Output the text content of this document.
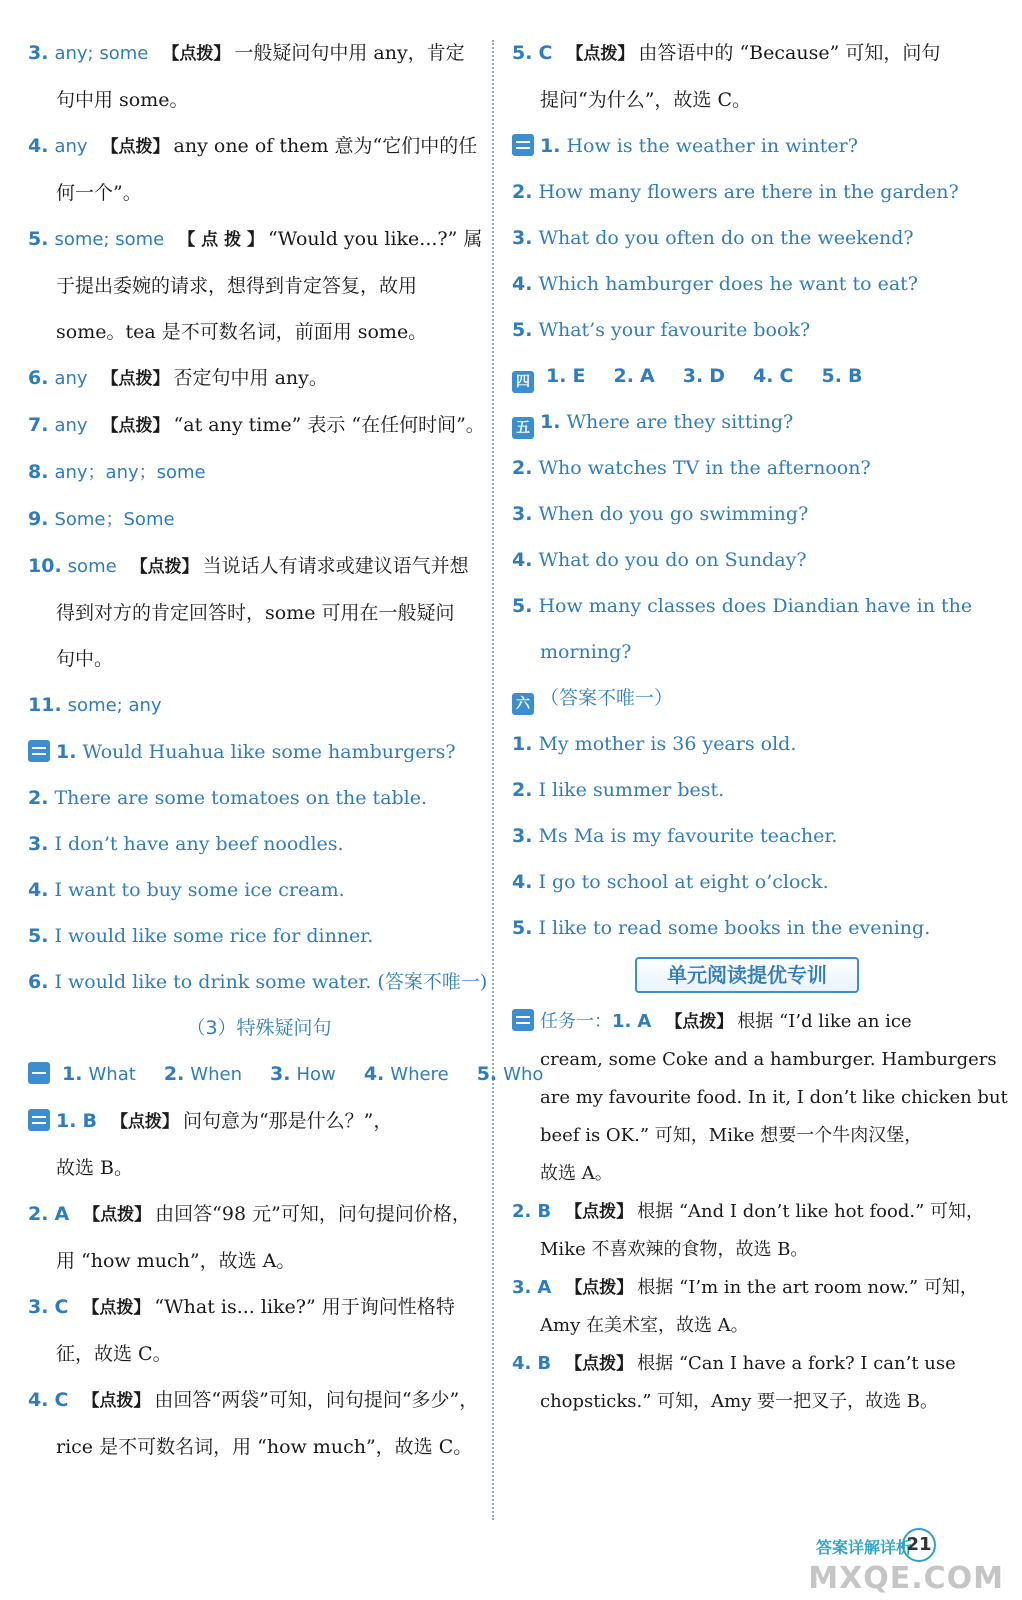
3. any; some 【点拨】 一般疑问句中用 any，肯定
句中用 some。
4. any 【点拨】 any one of them 意为“它们中的任
何一个”。
5. some; some 【 点 拨 】 “Would you like...?” 属
于提出委婉的请求，想得到肯定答复，故用
some。tea 是不可数名词，前面用 some。
6. any 【点拨】 否定句中用 any。
7. any 【点拨】 “at any time” 表示 “在任何时间”。
8. any；any；some
9. Some；Some
10. some 【点拨】 当说话人有请求或建议语气并想
得到对方的肯定回答时，some 可用在一般疑问
句中。
11. some; any
1. Would Huahua like some hamburgers?
2. There are some tomatoes on the table.
3. I don’t have any beef noodles.
4. I want to buy some ice cream.
5. I would like some rice for dinner.
6. I would like to drink some water. (答案不唯一)
（3）特殊疑问句
1. What 2. When 3. How 4. Where 5. Who
1. B 【点拨】 问句意为“那是什么？”，
故选 B。
2. A 【点拨】 由回答“98 元”可知，问句提问价格，
用 “how much”，故选 A。
3. C 【点拨】 “What is... like?” 用于询问性格特
征，故选 C。
4. C 【点拨】 由回答“两袋”可知，问句提问“多少”，
rice 是不可数名词，用 “how much”，故选 C。
5. C 【点拨】 由答语中的 “Because” 可知，问句
提问“为什么”，故选 C。
1. How is the weather in winter?
2. How many flowers are there in the garden?
3. What do you often do on the weekend?
4. Which hamburger does he want to eat?
5. What’s your favourite book?
四 1. E 2. A 3. D 4. C 5. B
五 1. Where are they sitting?
2. Who watches TV in the afternoon?
3. When do you go swimming?
4. What do you do on Sunday?
5. How many classes does Diandian have in the
morning?
六 （答案不唯一）
1. My mother is 36 years old.
2. I like summer best.
3. Ms Ma is my favourite teacher.
4. I go to school at eight o’clock.
5. I like to read some books in the evening.
单元阅读提优专训
任务一：1. A 【点拨】 根据 “I’d like an ice
cream, some Coke and a hamburger. Hamburgers
are my favourite food. In it, I don’t like chicken but
beef is OK.” 可知，Mike 想要一个牛肉汉堡，
故选 A。
2. B 【点拨】 根据 “And I don’t like hot food.” 可知，
Mike 不喜欢辣的食物，故选 B。
3. A 【点拨】 根据 “I’m in the art room now.” 可知，
Amy 在美术室，故选 A。
4. B 【点拨】 根据 “Can I have a fork? I can’t use
chopsticks.” 可知，Amy 要一把叉子，故选 B。
答案详解详析
21
MXQE.COM
